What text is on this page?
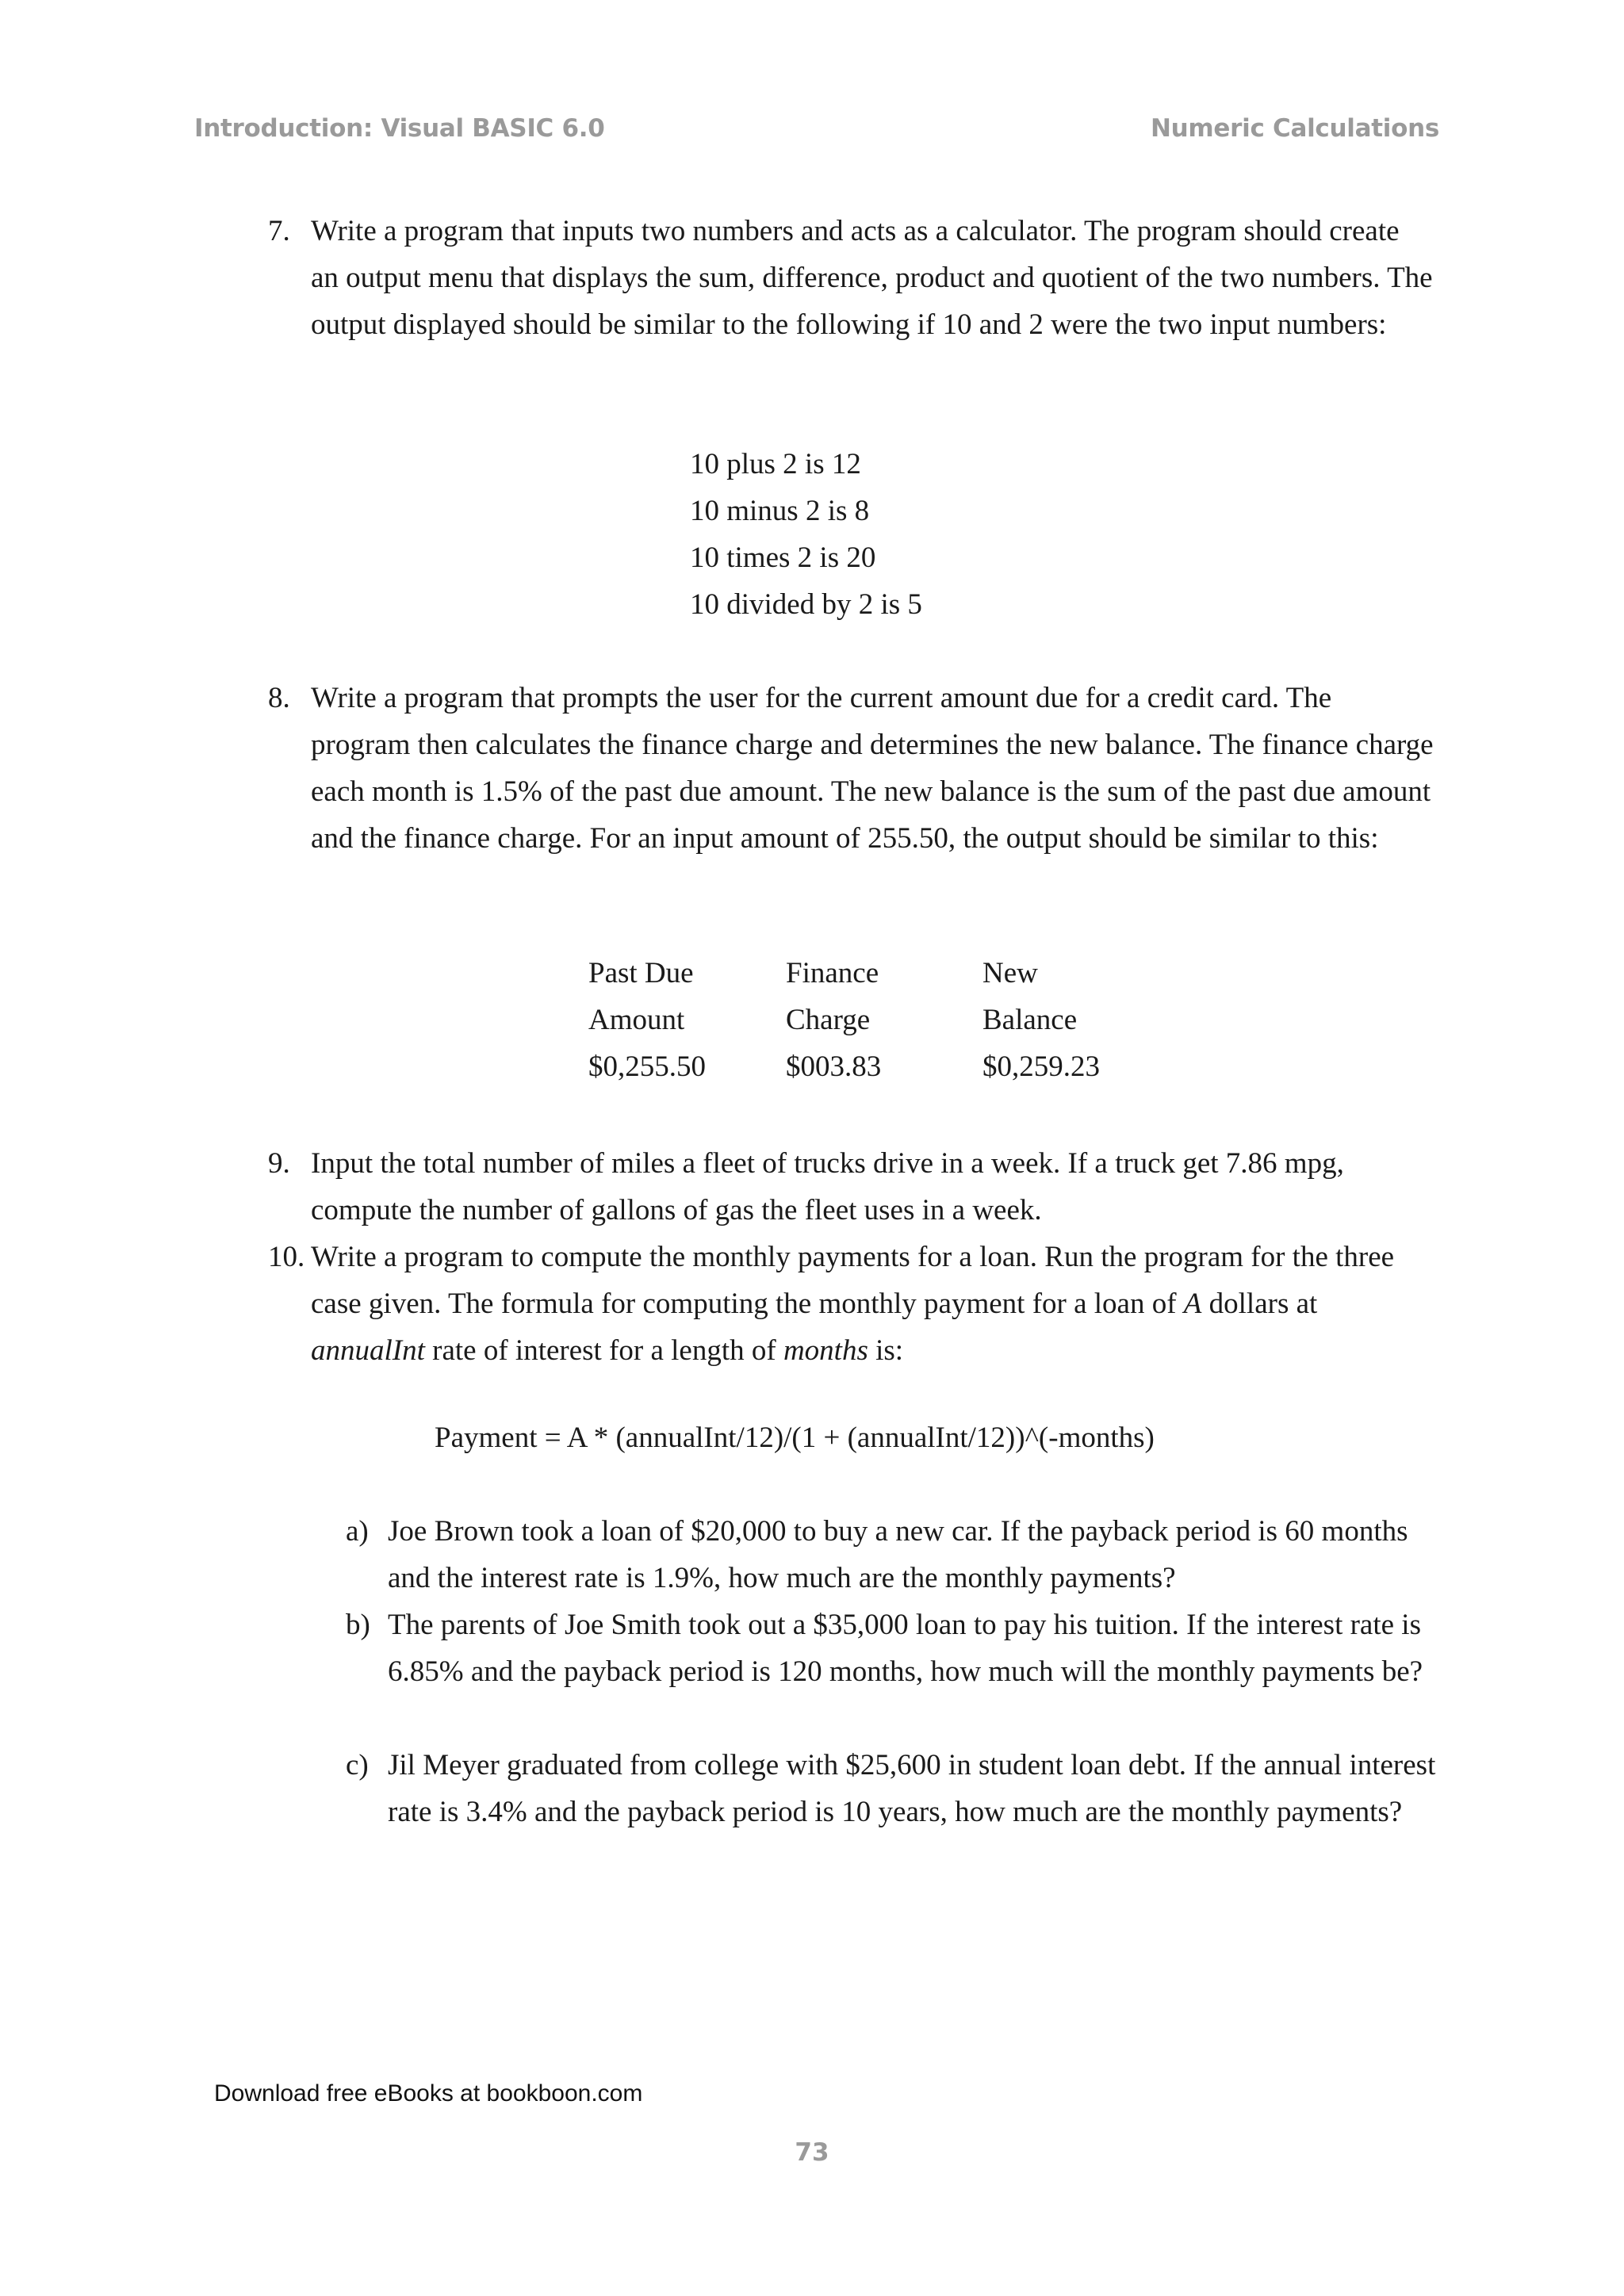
Introduction: Visual BASIC 6.0	Numeric Calculations
7. Write a program that inputs two numbers and acts as a calculator. The program should create an output menu that displays the sum, difference, product and quotient of the two numbers. The output displayed should be similar to the following if 10 and 2 were the two input numbers:
10 plus 2 is 12
10 minus 2 is 8
10 times 2 is 20
10 divided by 2 is 5
8. Write a program that prompts the user for the current amount due for a credit card. The program then calculates the finance charge and determines the new balance. The finance charge each month is 1.5% of the past due amount. The new balance is the sum of the past due amount and the finance charge. For an input amount of 255.50, the output should be similar to this:
Past Due	Finance	New
Amount	Charge	Balance
$0,255.50	$003.83	$0,259.23
9. Input the total number of miles a fleet of trucks drive in a week. If a truck get 7.86 mpg, compute the number of gallons of gas the fleet uses in a week.
10. Write a program to compute the monthly payments for a loan. Run the program for the three case given. The formula for computing the monthly payment for a loan of A dollars at annualInt rate of interest for a length of months is:
Payment = A * (annualInt/12)/(1 + (annualInt/12))^(-months)
a) Joe Brown took a loan of $20,000 to buy a new car. If the payback period is 60 months and the interest rate is 1.9%, how much are the monthly payments?
b) The parents of Joe Smith took out a $35,000 loan to pay his tuition. If the interest rate is 6.85% and the payback period is 120 months, how much will the monthly payments be?
c) Jil Meyer graduated from college with $25,600 in student loan debt. If the annual interest rate is 3.4% and the payback period is 10 years, how much are the monthly payments?
Download free eBooks at bookboon.com
73
